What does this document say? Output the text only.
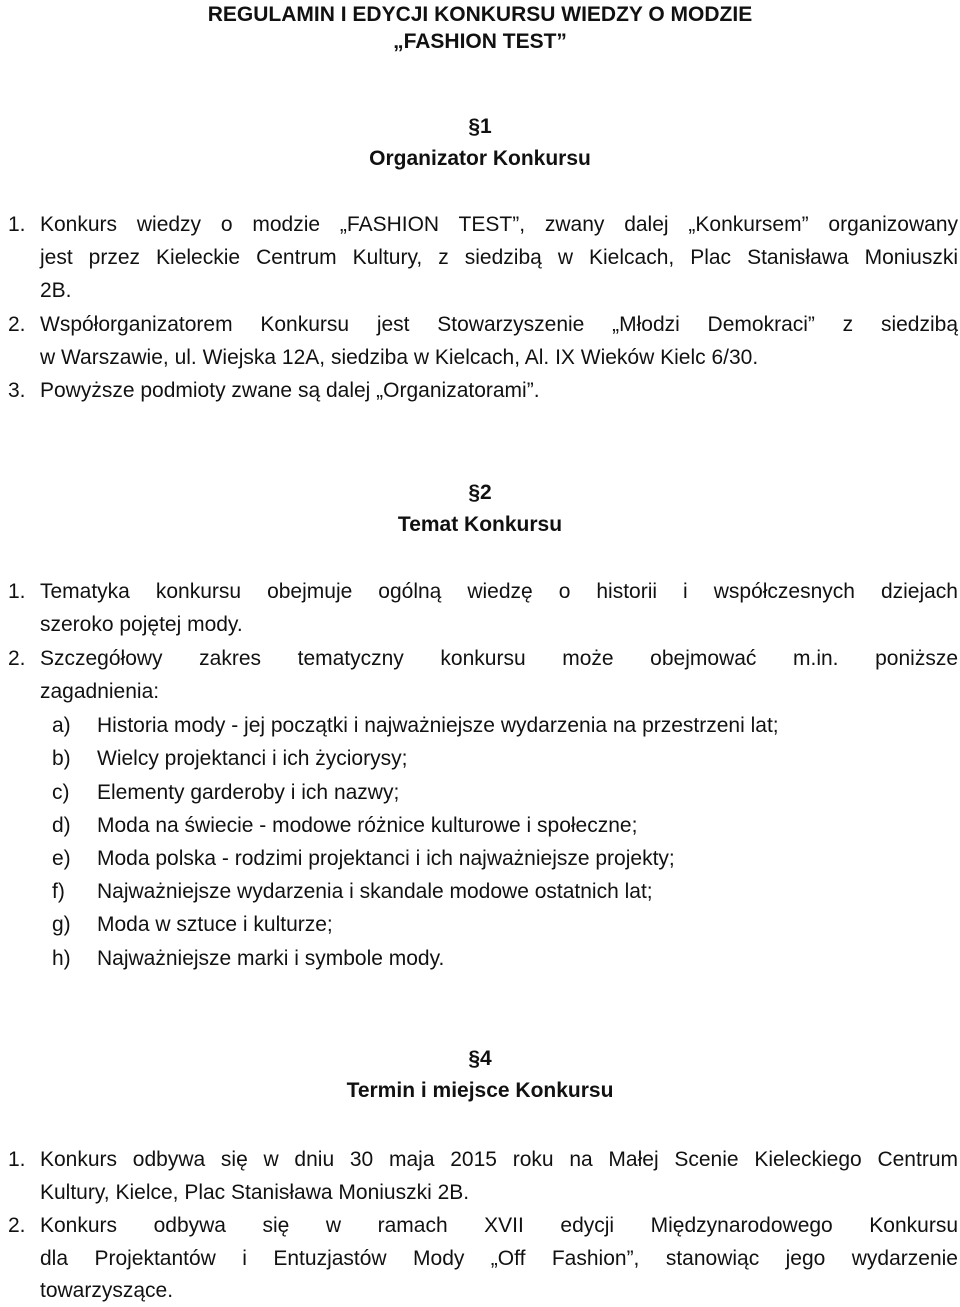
REGULAMIN I EDYCJI KONKURSU WIEDZY O MODZIE
„FASHION TEST”
§1
Organizator Konkursu
1. Konkurs wiedzy o modzie „FASHION TEST”, zwany dalej „Konkursem” organizowany
jest przez Kieleckie Centrum Kultury, z siedzibą w Kielcach, Plac Stanisława Moniuszki
2B.
2. Współorganizatorem Konkursu jest Stowarzyszenie „Młodzi Demokraci” z siedzibą
w Warszawie, ul. Wiejska 12A, siedziba w Kielcach, Al. IX Wieków Kielc 6/30.
3. Powyższe podmioty zwane są dalej „Organizatorami”.
§2
Temat Konkursu
1. Tematyka konkursu obejmuje ogólną wiedzę o historii i współczesnych dziejach
szeroko pojętej mody.
2. Szczegółowy zakres tematyczny konkursu może obejmować m.in. poniższe
zagadnienia:
a) Historia mody - jej początki i najważniejsze wydarzenia na przestrzeni lat;
b) Wielcy projektanci i ich życiorysy;
c) Elementy garderoby i ich nazwy;
d) Moda na świecie - modowe różnice kulturowe i społeczne;
e) Moda polska - rodzimi projektanci i ich najważniejsze projekty;
f) Najważniejsze wydarzenia i skandale modowe ostatnich lat;
g) Moda w sztuce i kulturze;
h) Najważniejsze marki i symbole mody.
§4
Termin i miejsce Konkursu
1. Konkurs odbywa się w dniu 30 maja 2015 roku na Małej Scenie Kieleckiego Centrum
Kultury, Kielce, Plac Stanisława Moniuszki 2B.
2. Konkurs odbywa się w ramach XVII edycji Międzynarodowego Konkursu
dla Projektantów i Entuzjastów Mody „Off Fashion”, stanowiąc jego wydarzenie
towarzyszące.
